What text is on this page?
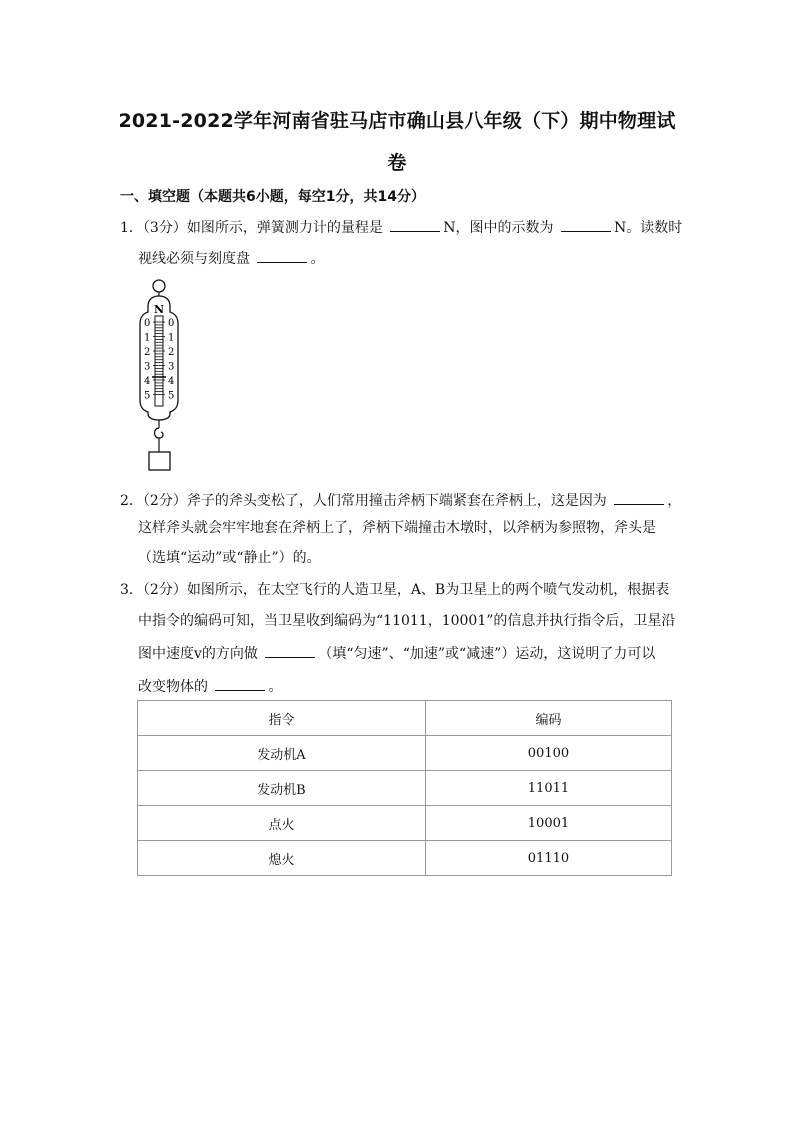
2021-2022学年河南省驻马店市确山县八年级（下）期中物理试
卷
一、填空题（本题共6小题，每空1分，共14分）
1．（3分）如图所示，弹簧测力计的量程是	N，图中的示数为	N。读数时
视线必须与刻度盘	。
N
0
1
2
3
4
5
0
1
2
3
4
5
2．（2分）斧子的斧头变松了，人们常用撞击斧柄下端紧套在斧柄上，这是因为	，
这样斧头就会牢牢地套在斧柄上了，斧柄下端撞击木墩时，以斧柄为参照物，斧头是
（选填“运动”或“静止”）的。
3．（2分）如图所示，在太空飞行的人造卫星，A、B为卫星上的两个喷气发动机，根据表
中指令的编码可知，当卫星收到编码为“11011，10001”的信息并执行指令后，卫星沿
图中速度v的方向做	（填“匀速”、“加速”或“减速”）运动，这说明了力可以
改变物体的	。
指令	编码
发动机A	00100
发动机B	11011
点火	10001
熄火	01110
